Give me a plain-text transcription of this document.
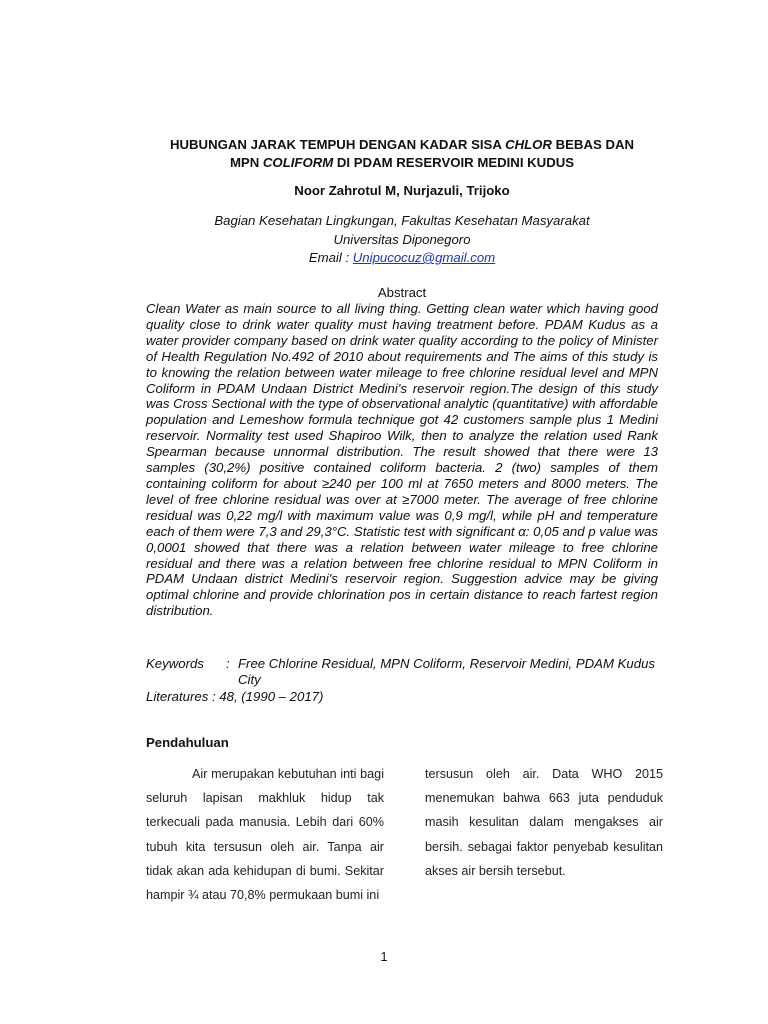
HUBUNGAN JARAK TEMPUH DENGAN KADAR SISA CHLOR BEBAS DAN
MPN COLIFORM DI PDAM RESERVOIR MEDINI KUDUS
Noor Zahrotul M, Nurjazuli, Trijoko
Bagian Kesehatan Lingkungan, Fakultas Kesehatan Masyarakat
Universitas Diponegoro
Email : Unipucocuz@gmail.com
Abstract

Clean Water as main source to all living thing. Getting clean water which having good quality close to drink water quality must having treatment before. PDAM Kudus as a water provider company based on drink water quality according to the policy of Minister of Health Regulation No.492 of 2010 about requirements and The aims of this study is to knowing the relation between water mileage to free chlorine residual level and MPN Coliform in PDAM Undaan District Medini's reservoir region.The design of this study was Cross Sectional with the type of observational analytic (quantitative) with affordable population and Lemeshow formula technique got 42 customers sample plus 1 Medini reservoir. Normality test used Shapiroo Wilk, then to analyze the relation used Rank Spearman because unnormal distribution. The result showed that there were 13 samples (30,2%) positive contained coliform bacteria. 2 (two) samples of them containing coliform for about ≥240 per 100 ml at 7650 meters and 8000 meters. The level of free chlorine residual was over at ≥7000 meter. The average of free chlorine residual was 0,22 mg/l with maximum value was 0,9 mg/l, while pH and temperature each of them were 7,3 and 29,3°C. Statistic test with significant α: 0,05 and p value was 0,0001 showed that there was a relation between water mileage to free chlorine residual and there was a relation between free chlorine residual to MPN Coliform in PDAM Undaan district Medini's reservoir region. Suggestion advice may be giving optimal chlorine and provide chlorination pos in certain distance to reach fartest region distribution.

Keywords	: Free Chlorine Residual, MPN Coliform, Reservoir Medini, PDAM Kudus City
Literatures : 48, (1990 – 2017)
Pendahuluan

Air merupakan kebutuhan inti bagi seluruh lapisan makhluk hidup tak terkecuali pada manusia. Lebih dari 60% tubuh kita tersusun oleh air. Tanpa air tidak akan ada kehidupan di bumi. Sekitar hampir ¾ atau 70,8% permukaan bumi ini

tersusun oleh air. Data WHO 2015 menemukan bahwa 663 juta penduduk masih kesulitan dalam mengakses air bersih. sebagai faktor penyebab kesulitan akses air bersih tersebut.

1
